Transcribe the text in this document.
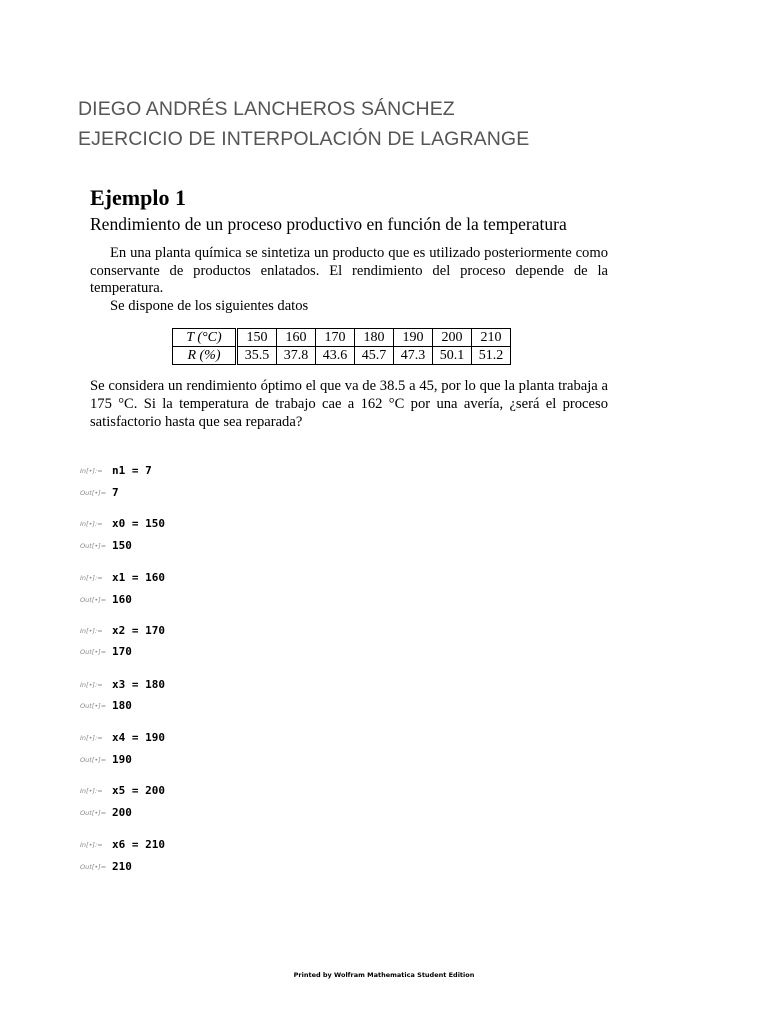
DIEGO ANDRÉS LANCHEROS SÁNCHEZ
EJERCICIO DE INTERPOLACIÓN DE LAGRANGE
Ejemplo 1
Rendimiento de un proceso productivo en función de la temperatura
En una planta química se sintetiza un producto que es utilizado posteriormente como conservante de productos enlatados. El rendimiento del proceso depende de la temperatura.
Se dispone de los siguientes datos
T (°C)	150	160	170	180	190	200	210
R (%)	35.5	37.8	43.6	45.7	47.3	50.1	51.2
Se considera un rendimiento óptimo el que va de 38.5 a 45, por lo que la planta trabaja a 175 °C. Si la temperatura de trabajo cae a 162 °C por una avería, ¿será el proceso satisfactorio hasta que sea reparada?
In[•]:= n1 = 7
Out[•]= 7
In[•]:= x0 = 150
Out[•]= 150
In[•]:= x1 = 160
Out[•]= 160
In[•]:= x2 = 170
Out[•]= 170
In[•]:= x3 = 180
Out[•]= 180
In[•]:= x4 = 190
Out[•]= 190
In[•]:= x5 = 200
Out[•]= 200
In[•]:= x6 = 210
Out[•]= 210
Printed by Wolfram Mathematica Student Edition
